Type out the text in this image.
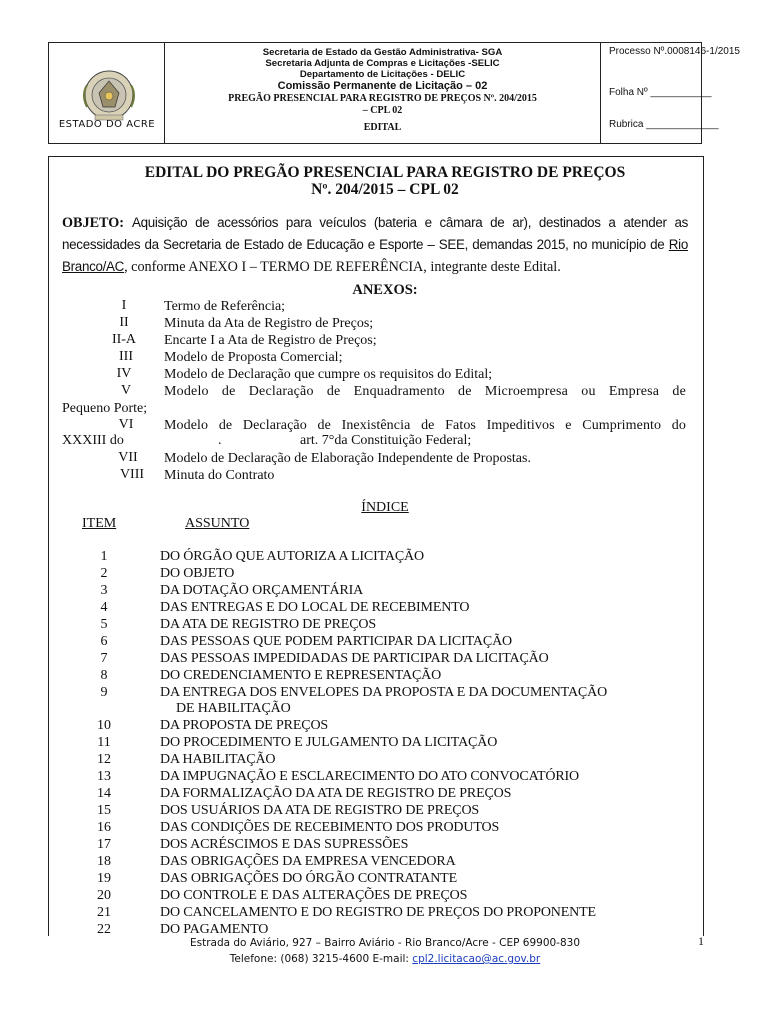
ESTADO DO ACRE
Secretaria de Estado da Gestão Administrativa- SGA
Secretaria Adjunta de Compras e Licitações -SELIC
Departamento de Licitações - DELIC
Comissão Permanente de Licitação – 02
PREGÃO PRESENCIAL PARA REGISTRO DE PREÇOS Nº. 204/2015
– CPL 02
EDITAL
Processo Nº.0008146-1/2015
Folha Nº ___________
Rubrica _____________
EDITAL DO PREGÃO PRESENCIAL PARA REGISTRO DE PREÇOS
Nº. 204/2015 – CPL 02
OBJETO: Aquisição de acessórios para veículos (bateria e câmara de ar), destinados a atender as necessidades da Secretaria de Estado de Educação e Esporte – SEE, demandas 2015, no município de Rio Branco/AC, conforme ANEXO I – TERMO DE REFERÊNCIA, integrante deste Edital.
ANEXOS:
I	Termo de Referência;
II	Minuta da Ata de Registro de Preços;
II-A	Encarte I a Ata de Registro de Preços;
III	Modelo de Proposta Comercial;
IV	Modelo de Declaração que cumpre os requisitos do Edital;
V	Modelo de Declaração de Enquadramento de Microempresa ou Empresa de
Pequeno Porte;
VI	Modelo de Declaração de Inexistência de Fatos Impeditivos e Cumprimento do
XXXIII do	.	art. 7°da Constituição Federal;
VII	Modelo de Declaração de Elaboração Independente de Propostas.
VIII	Minuta do Contrato
ÍNDICE
ITEM	ASSUNTO
1	DO ÓRGÃO QUE AUTORIZA A LICITAÇÃO
2	DO OBJETO
3	DA DOTAÇÃO ORÇAMENTÁRIA
4	DAS ENTREGAS E DO LOCAL DE RECEBIMENTO
5	DA ATA DE REGISTRO DE PREÇOS
6	DAS PESSOAS QUE PODEM PARTICIPAR DA LICITAÇÃO
7	DAS PESSOAS IMPEDIDADAS DE PARTICIPAR DA LICITAÇÃO
8	DO CREDENCIAMENTO E REPRESENTAÇÃO
9	DA ENTREGA DOS ENVELOPES DA PROPOSTA E DA DOCUMENTAÇÃO
DE HABILITAÇÃO
10	DA PROPOSTA DE PREÇOS
11	DO PROCEDIMENTO E JULGAMENTO DA LICITAÇÃO
12	DA HABILITAÇÃO
13	DA IMPUGNAÇÃO E ESCLARECIMENTO DO ATO CONVOCATÓRIO
14	DA FORMALIZAÇÃO DA ATA DE REGISTRO DE PREÇOS
15	DOS USUÁRIOS DA ATA DE REGISTRO DE PREÇOS
16	DAS CONDIÇÕES DE RECEBIMENTO DOS PRODUTOS
17	DOS ACRÉSCIMOS E DAS SUPRESSÕES
18	DAS OBRIGAÇÕES DA EMPRESA VENCEDORA
19	DAS OBRIGAÇÕES DO ÓRGÃO CONTRATANTE
20	DO CONTROLE E DAS ALTERAÇÕES DE PREÇOS
21	DO CANCELAMENTO E DO REGISTRO DE PREÇOS DO PROPONENTE
22	DO PAGAMENTO
Estrada do Aviário, 927 – Bairro Aviário - Rio Branco/Acre - CEP 69900-830
Telefone: (068) 3215-4600 E-mail: cpl2.licitacao@ac.gov.br
1
